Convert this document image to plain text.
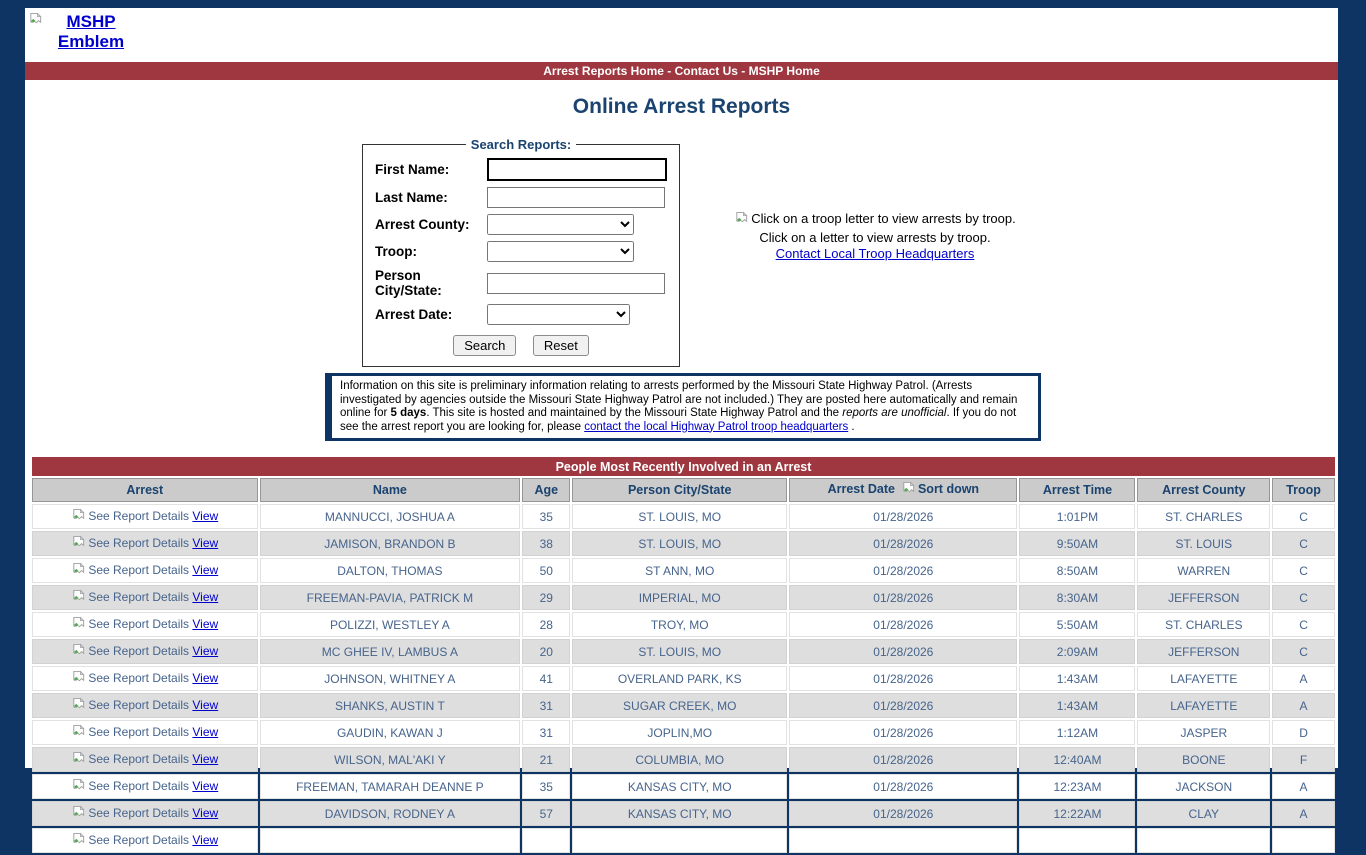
MSHP Emblem
Arrest Reports Home - Contact Us - MSHP Home
Online Arrest Reports
Search Reports:
First Name:
Last Name:
Arrest County:
Troop:
Person City/State:
Arrest Date:
Search	Reset
Click on a troop letter to view arrests by troop.
Click on a letter to view arrests by troop.
Contact Local Troop Headquarters
Information on this site is preliminary information relating to arrests performed by the Missouri State Highway Patrol. (Arrests investigated by agencies outside the Missouri State Highway Patrol are not included.) They are posted here automatically and remain online for 5 days. This site is hosted and maintained by the Missouri State Highway Patrol and the reports are unofficial. If you do not see the arrest report you are looking for, please contact the local Highway Patrol troop headquarters .
People Most Recently Involved in an Arrest							
Arrest	Name	Age	Person City/State	Arrest Date Sort down	Arrest Time	Arrest County	Troop
See Report Details View	MANNUCCI, JOSHUA A	35	ST. LOUIS, MO	01/28/2026	1:01PM	ST. CHARLES	C
See Report Details View	JAMISON, BRANDON B	38	ST. LOUIS, MO	01/28/2026	9:50AM	ST. LOUIS	C
See Report Details View	DALTON, THOMAS	50	ST ANN, MO	01/28/2026	8:50AM	WARREN	C
See Report Details View	FREEMAN-PAVIA, PATRICK M	29	IMPERIAL, MO	01/28/2026	8:30AM	JEFFERSON	C
See Report Details View	POLIZZI, WESTLEY A	28	TROY, MO	01/28/2026	5:50AM	ST. CHARLES	C
See Report Details View	MC GHEE IV, LAMBUS A	20	ST. LOUIS, MO	01/28/2026	2:09AM	JEFFERSON	C
See Report Details View	JOHNSON, WHITNEY A	41	OVERLAND PARK, KS	01/28/2026	1:43AM	LAFAYETTE	A
See Report Details View	SHANKS, AUSTIN T	31	SUGAR CREEK, MO	01/28/2026	1:43AM	LAFAYETTE	A
See Report Details View	GAUDIN, KAWAN J	31	JOPLIN,MO	01/28/2026	1:12AM	JASPER	D
See Report Details View	WILSON, MAL'AKI Y	21	COLUMBIA, MO	01/28/2026	12:40AM	BOONE	F
See Report Details View	FREEMAN, TAMARAH DEANNE P	35	KANSAS CITY, MO	01/28/2026	12:23AM	JACKSON	A
See Report Details View	DAVIDSON, RODNEY A	57	KANSAS CITY, MO	01/28/2026	12:22AM	CLAY	A
See Report Details View							
